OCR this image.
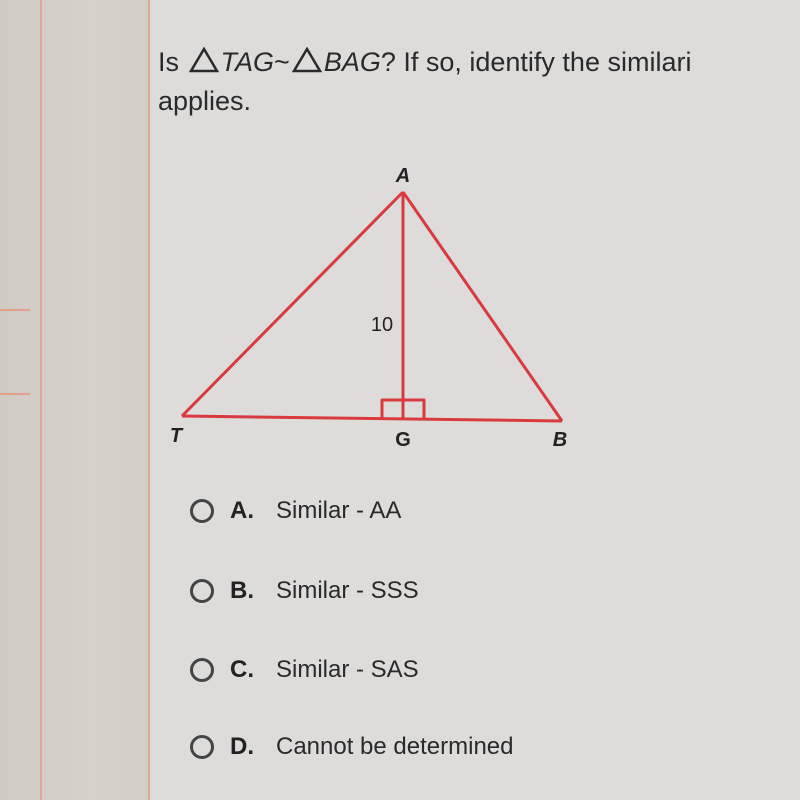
Is TAG~ BAG? If so, identify the similari
applies.
A
T	G	B
10
A. Similar - AA
B. Similar - SSS
C. Similar - SAS
D. Cannot be determined
